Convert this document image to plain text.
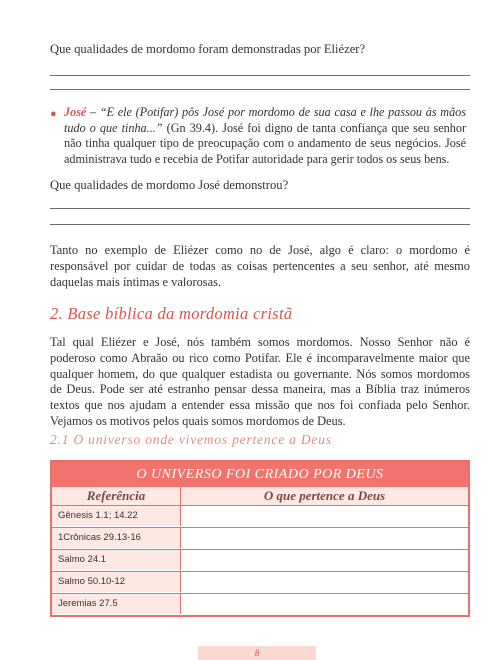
Que qualidades de mordomo foram demonstradas por Eliézer?
● José – “E ele (Potifar) pôs José por mordomo de sua casa e lhe passou às mãos tudo o que tinha...” (Gn 39.4). José foi digno de tanta confiança que seu senhor não tinha qualquer tipo de preocupação com o andamento de seus negócios. José administrava tudo e recebia de Potifar autoridade para gerir todos os seus bens.
Que qualidades de mordomo José demonstrou?
Tanto no exemplo de Eliézer como no de José, algo é claro: o mordomo é responsável por cuidar de todas as coisas pertencentes a seu senhor, até mesmo daquelas mais íntimas e valorosas.
2. Base bíblica da mordomia cristã
Tal qual Eliézer e José, nós também somos mordomos. Nosso Senhor não é poderoso como Abraão ou rico como Potifar. Ele é incomparavelmente maior que qualquer homem, do que qualquer estadista ou governante. Nós somos mordomos de Deus. Pode ser até estranho pensar dessa maneira, mas a Bíblia traz inúmeros textos que nos ajudam a entender essa missão que nos foi confiada pelo Senhor. Vejamos os motivos pelos quais somos mordomos de Deus.
2.1 O universo onde vivemos pertence a Deus
O UNIVERSO FOI CRIADO POR DEUS
Referência	O que pertence a Deus
Gênesis 1.1; 14.22
1Crônicas 29.13-16
Salmo 24.1
Salmo 50.10-12
Jeremias 27.5
8
